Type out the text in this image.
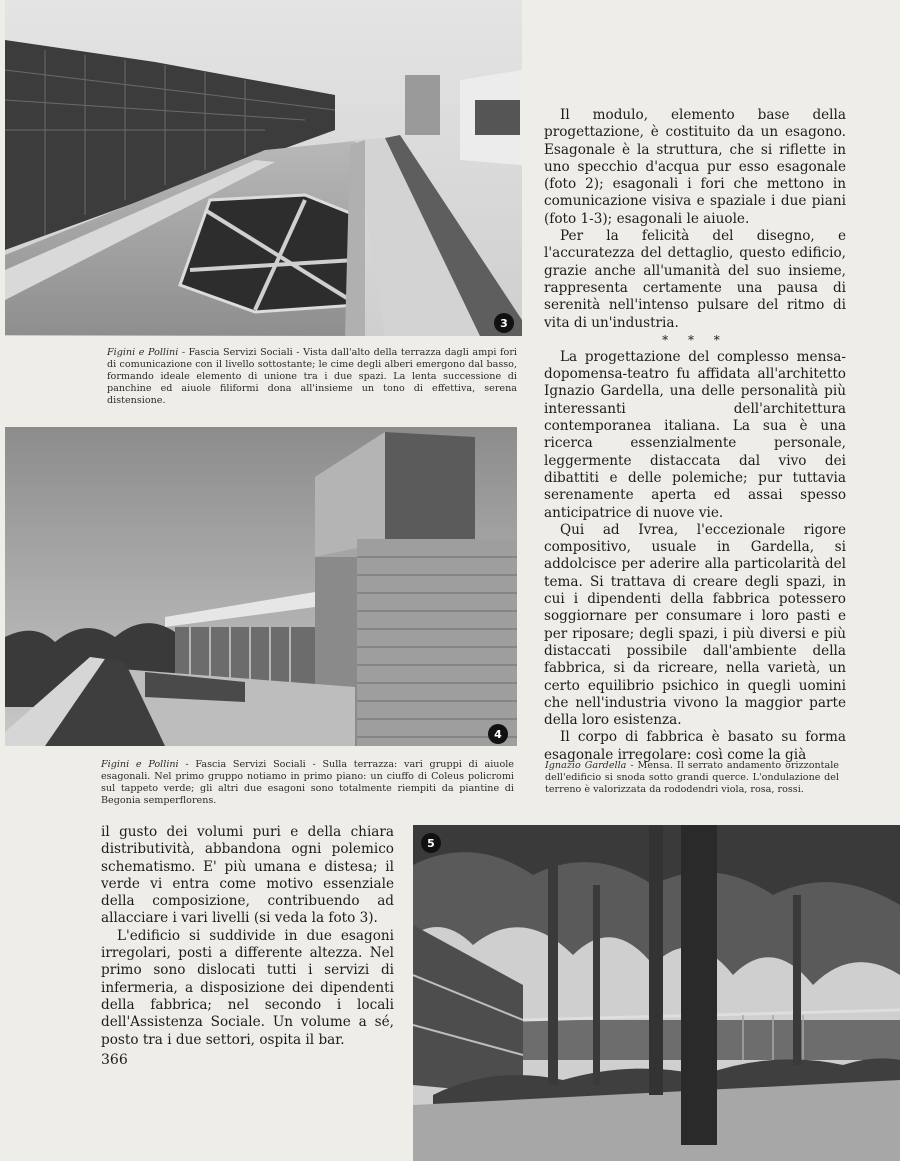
3
Figini e Pollini - Fascia Servizi Sociali - Vista dall'alto della terrazza dagli ampi fori di comunicazione con il livello sottostante; le cime degli alberi emergono dal basso, formando ideale elemento di unione tra i due spazi. La lenta successione di panchine ed aiuole filiformi dona all'insieme un tono di effettiva, serena distensione.
4
Figini e Pollini - Fascia Servizi Sociali - Sulla terrazza: vari gruppi di aiuole esagonali. Nel primo gruppo notiamo in primo piano: un ciuffo di Coleus policromi sul tappeto verde; gli altri due esagoni sono totalmente riempiti da piantine di Begonia semperflorens.

Il modulo, elemento base della progettazione, è costituito da un esagono. Esagonale è la struttura, che si riflette in uno specchio d'acqua pur esso esagonale (foto 2); esagonali i fori che mettono in comunicazione visiva e spaziale i due piani (foto 1-3); esagonali le aiuole.

Per la felicità del disegno, e l'accuratezza del dettaglio, questo edificio, grazie anche all'umanità del suo insieme, rappresenta certamente una pausa di serenità nell'intenso pulsare del ritmo di vita di un'industria.

* * *

La progettazione del complesso mensa-dopomensa-teatro fu affidata all'architetto Ignazio Gardella, una delle personalità più interessanti dell'architettura contemporanea italiana. La sua è una ricerca essenzialmente personale, leggermente distaccata dal vivo dei dibattiti e delle polemiche; pur tuttavia serenamente aperta ed assai spesso anticipatrice di nuove vie.

Qui ad Ivrea, l'eccezionale rigore compositivo, usuale in Gardella, si addolcisce per aderire alla particolarità del tema. Si trattava di creare degli spazi, in cui i dipendenti della fabbrica potessero soggiornare per consumare i loro pasti e per riposare; degli spazi, i più diversi e più distaccati possibile dall'ambiente della fabbrica, si da ricreare, nella varietà, un certo equilibrio psichico in quegli uomini che nell'industria vivono la maggior parte della loro esistenza.

Il corpo di fabbrica è basato su forma esagonale irregolare: così come la già

Ignazio Gardella - Mensa. Il serrato andamento orizzontale dell'edificio si snoda sotto grandi querce. L'ondulazione del terreno è valorizzata da rododendri viola, rosa, rossi.

il gusto dei volumi puri e della chiara distributività, abbandona ogni polemico schematismo. E' più umana e distesa; il verde vi entra come motivo essenziale della composizione, contribuendo ad allacciare i vari livelli (si veda la foto 3).

L'edificio si suddivide in due esagoni irregolari, posti a differente altezza. Nel primo sono dislocati tutti i servizi di infermeria, a disposizione dei dipendenti della fabbrica; nel secondo i locali dell'Assistenza Sociale. Un volume a sé, posto tra i due settori, ospita il bar.

5
366
